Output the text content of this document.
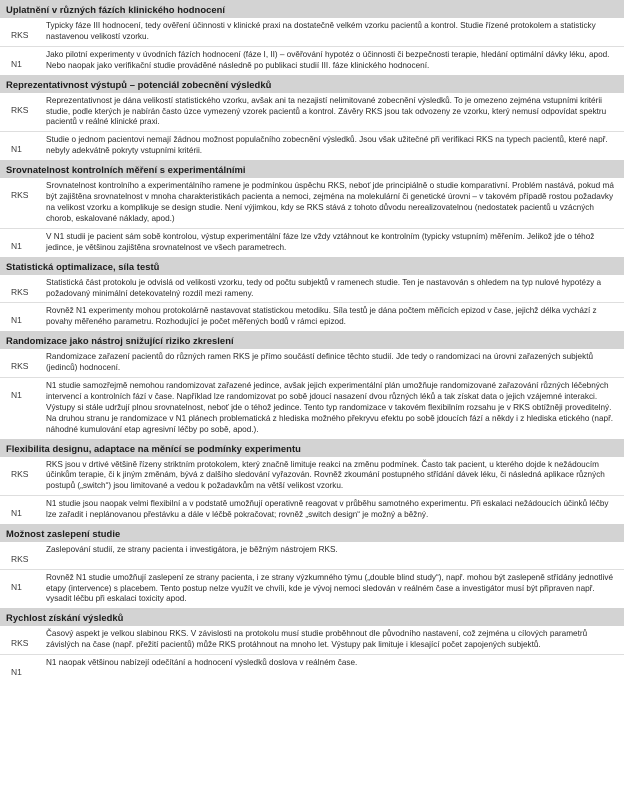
Uplatnění v různých fázích klinického hodnocení
RKS
Typicky fáze III hodnocení, tedy ověření účinnosti v klinické praxi na dostatečně velkém vzorku pacientů a kontrol. Studie řízené protokolem a statisticky nastavenou velikostí vzorku.
N1
Jako pilotní experimenty v úvodních fázích hodnocení (fáze I, II) – ověřování hypotéz o účinnosti či bezpečnosti terapie, hledání optimální dávky léku, apod. Nebo naopak jako verifikační studie prováděné následně po publikaci studií III. fáze klinického hodnocení.
Reprezentativnost výstupů – potenciál zobecnění výsledků
RKS
Reprezentativnost je dána velikostí statistického vzorku, avšak ani ta nezajistí nelimitované zobecnění výsledků. To je omezeno zejména vstupními kritérii studie, podle kterých je nabírán často úzce vymezený vzorek pacientů a kontrol. Závěry RKS jsou tak odvozeny ze vzorku, který nemusí odpovídat spektru pacientů v reálné klinické praxi.
N1
Studie o jednom pacientovi nemají žádnou možnost populačního zobecnění výsledků. Jsou však užitečné při verifikaci RKS na typech pacientů, které např. nebyly adekvátně pokryty vstupními kritérii.
Srovnatelnost kontrolních měření s experimentálními
RKS
Srovnatelnost kontrolního a experimentálního ramene je podmínkou úspěchu RKS, neboť jde principiálně o studie komparativní. Problém nastává, pokud má být zajištěna srovnatelnost v mnoha charakteristikách pacienta a nemoci, zejména na molekulární či genetické úrovni – v takovém případě rostou požadavky na velikost vzorku a komplikuje se design studie. Není výjimkou, kdy se RKS stává z tohoto důvodu nerealizovatelnou (nedostatek pacientů u vzácných chorob, eskalované náklady, apod.)
N1
V N1 studii je pacient sám sobě kontrolou, výstup experimentální fáze lze vždy vztáhnout ke kontrolním (typicky vstupním) měřením. Jelikož jde o téhož jedince, je většinou zajištěna srovnatelnost ve všech parametrech.
Statistická optimalizace, síla testů
RKS
Statistická část protokolu je odvislá od velikosti vzorku, tedy od počtu subjektů v ramenech studie. Ten je nastavován s ohledem na typ nulové hypotézy a požadovaný minimální detekovatelný rozdíl mezi rameny.
N1
Rovněž N1 experimenty mohou protokolárně nastavovat statistickou metodiku. Síla testů je dána počtem měřicích epizod v čase, jejichž délka vychází z povahy měřeného parametru. Rozhodující je počet měřených bodů v rámci epizod.
Randomizace jako nástroj snižující riziko zkreslení
RKS
Randomizace zařazení pacientů do různých ramen RKS je přímo součástí definice těchto studií. Jde tedy o randomizaci na úrovni zařazených subjektů (jedinců) hodnocení.
N1
N1 studie samozřejmě nemohou randomizovat zařazené jedince, avšak jejich experimentální plán umožňuje randomizované zařazování různých léčebných intervencí a kontrolních fází v čase. Například lze randomizovat po sobě jdoucí nasazení dvou různých léků a tak získat data o jejich vzájemné interakci. Výstupy si stále udržují plnou srovnatelnost, neboť jde o téhož jedince. Tento typ randomizace v takovém flexibilním rozsahu je v RKS obtížněji proveditelný. Na druhou stranu je randomizace v N1 plánech problematická z hlediska možného překryvu efektu po sobě jdoucích fází a někdy i z hlediska etického (např. náhodné kumulování etap agresivní léčby po sobě, apod.).
Flexibilita designu, adaptace na měnící se podmínky experimentu
RKS
RKS jsou v drtivé většině řízeny striktním protokolem, který značně limituje reakci na změnu podmínek. Často tak pacient, u kterého dojde k nežádoucím účinkům terapie, či k jiným změnám, bývá z dalšího sledování vyřazován. Rovněž zkoumání postupného střídání dávek léku, či následná aplikace různých postupů („switch“) jsou limitované a vedou k požadavkům na větší velikost vzorku.
N1
N1 studie jsou naopak velmi flexibilní a v podstatě umožňují operativně reagovat v průběhu samotného experimentu. Při eskalaci nežádoucích účinků léčby lze zařadit i neplánovanou přestávku a dále v léčbě pokračovat; rovněž „switch design“ je možný a běžný.
Možnost zaslepení studie
RKS
Zaslepování studií, ze strany pacienta i investigátora, je běžným nástrojem RKS.
N1
Rovněž N1 studie umožňují zaslepení ze strany pacienta, i ze strany výzkumného týmu („double blind study“), např. mohou být zaslepeně střídány jednotlivé etapy (intervence) s placebem. Tento postup nelze využít ve chvíli, kde je vývoj nemoci sledován v reálném čase a investigátor musí být připraven např. vysadit léčbu při eskalaci toxicity apod.
Rychlost získání výsledků
RKS
Časový aspekt je velkou slabinou RKS. V závislosti na protokolu musí studie proběhnout dle původního nastavení, což zejména u cílových parametrů závislých na čase (např. přežití pacientů) může RKS protáhnout na mnoho let. Výstupy pak limituje i klesající počet zapojených subjektů.
N1
N1 naopak většinou nabízejí odečítání a hodnocení výsledků doslova v reálném čase.
